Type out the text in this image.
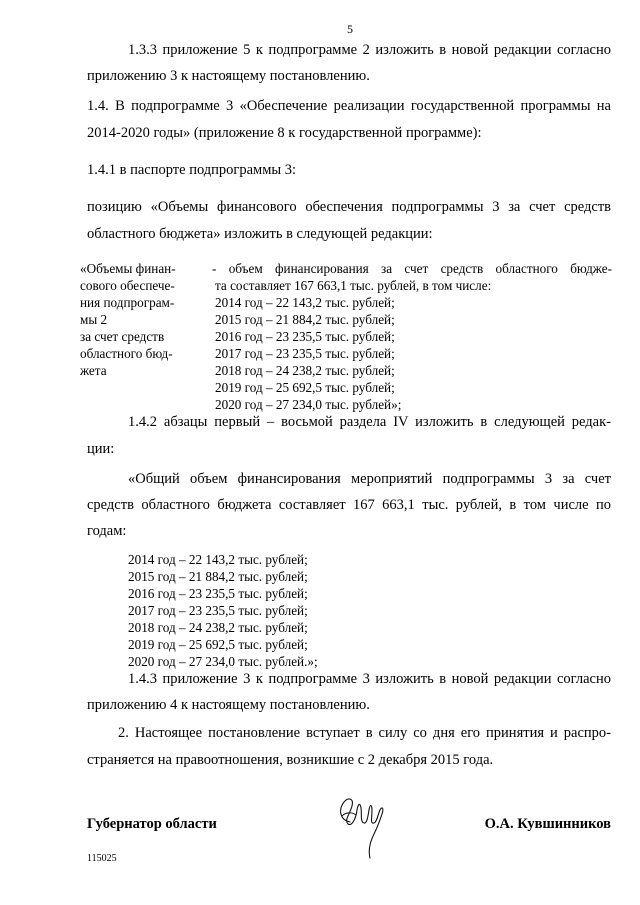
5
1.3.3 приложение 5 к подпрограмме 2 изложить в новой редакции согласно
приложению 3 к настоящему постановлению.
1.4. В подпрограмме 3 «Обеспечение реализации государственной программы на
2014-2020 годы» (приложение 8 к государственной программе):
1.4.1 в паспорте подпрограммы 3:
позицию «Объемы финансового обеспечения подпрограммы 3 за счет средств
областного бюджета» изложить в следующей редакции:
«Объемы финан-
сового обеспече-
ния подпрограм-
мы 2
за счет средств
областного бюд-
жета
- объем финансирования за счет средств областного бюдже-
та составляет 167 663,1 тыс. рублей, в том числе:
2014 год – 22 143,2 тыс. рублей;
2015 год – 21 884,2 тыс. рублей;
2016 год – 23 235,5 тыс. рублей;
2017 год – 23 235,5 тыс. рублей;
2018 год – 24 238,2 тыс. рублей;
2019 год – 25 692,5 тыс. рублей;
2020 год – 27 234,0 тыс. рублей»;
1.4.2 абзацы первый – восьмой раздела IV изложить в следующей редак-
ции:
«Общий объем финансирования мероприятий подпрограммы 3 за счет
средств областного бюджета составляет 167 663,1 тыс. рублей, в том числе по
годам:
2014 год – 22 143,2 тыс. рублей;
2015 год – 21 884,2 тыс. рублей;
2016 год – 23 235,5 тыс. рублей;
2017 год – 23 235,5 тыс. рублей;
2018 год – 24 238,2 тыс. рублей;
2019 год – 25 692,5 тыс. рублей;
2020 год – 27 234,0 тыс. рублей.»;
1.4.3 приложение 3 к подпрограмме 3 изложить в новой редакции согласно
приложению 4 к настоящему постановлению.
2. Настоящее постановление вступает в силу со дня его принятия и распро-
страняется на правоотношения, возникшие с 2 декабря 2015 года.
Губернатор области	О.А. Кувшинников
115025
